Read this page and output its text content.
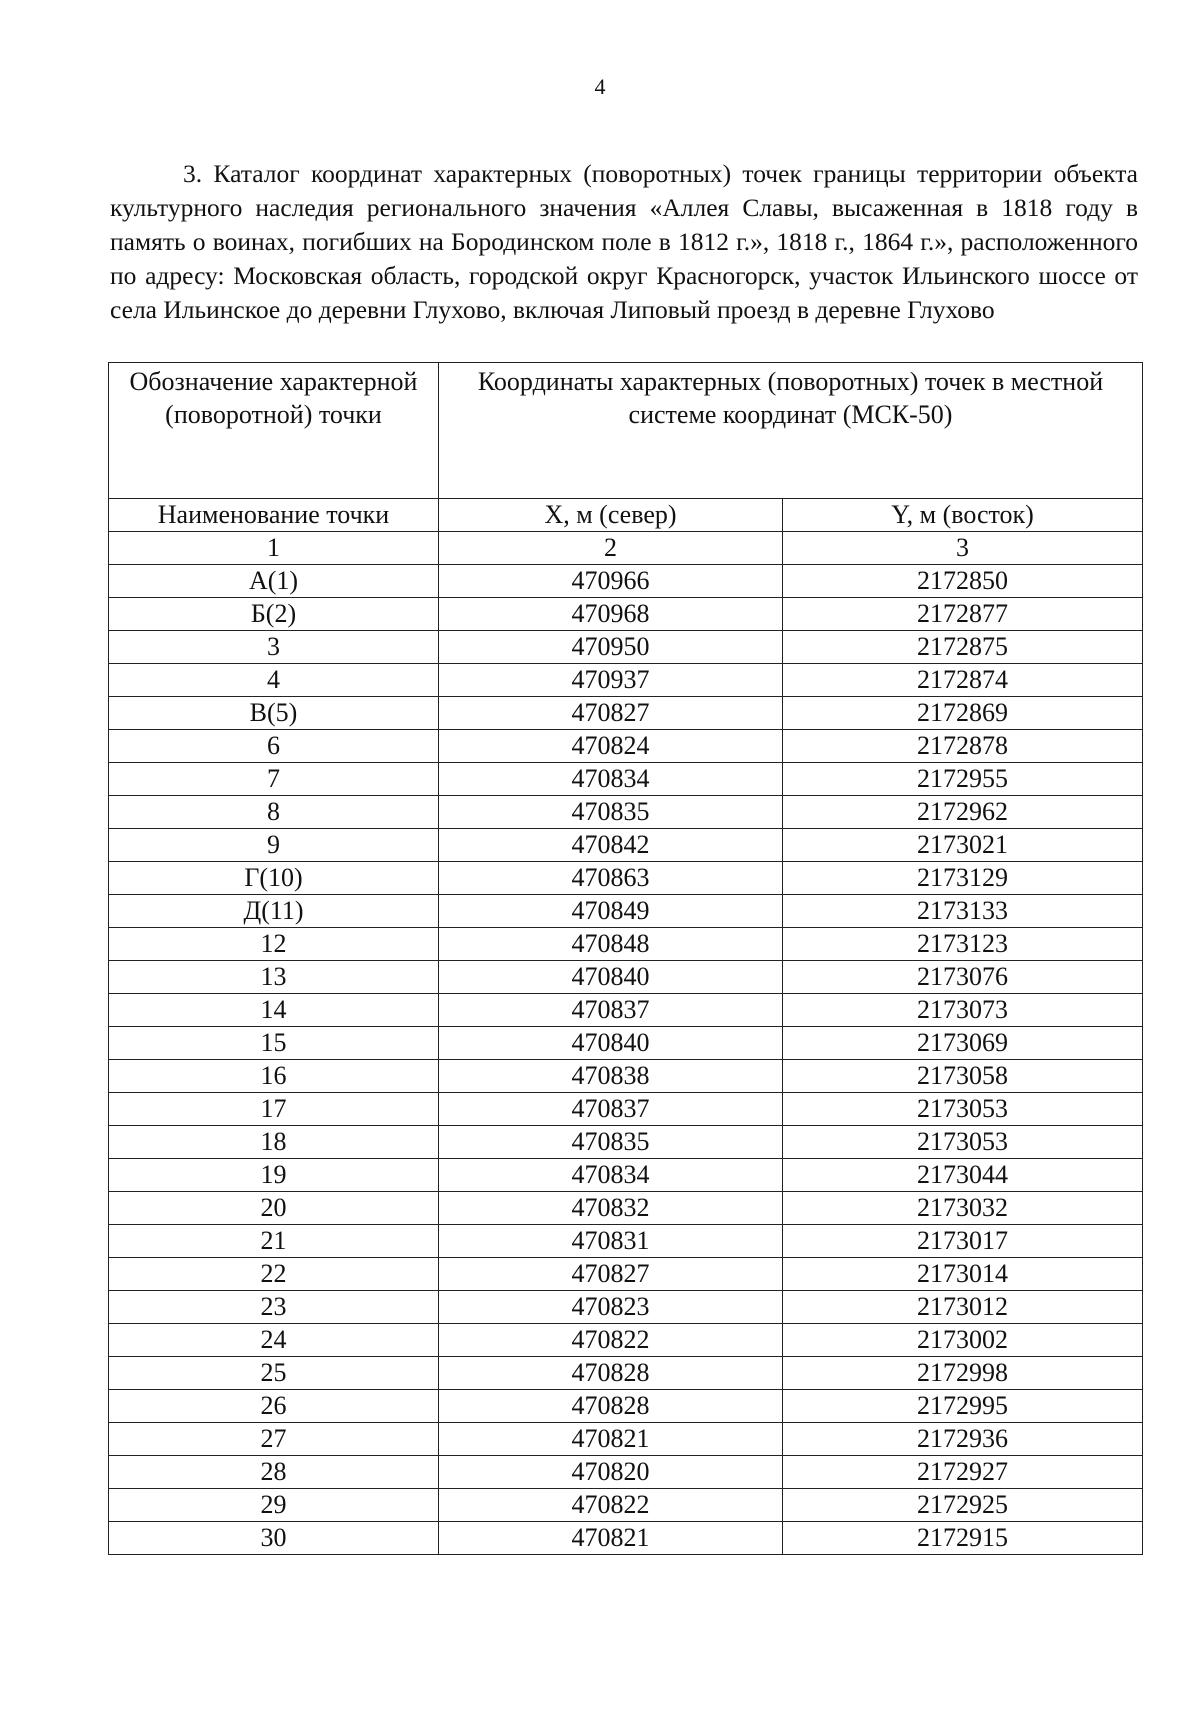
4

3. Каталог координат характерных (поворотных) точек границы территории объекта культурного наследия регионального значения «Аллея Славы, высаженная в 1818 году в память о воинах, погибших на Бородинском поле в 1812 г.», 1818 г., 1864 г.», расположенного по адресу: Московская область, городской округ Красногорск, участок Ильинского шоссе от села Ильинское до деревни Глухово, включая Липовый проезд в деревне Глухово

Обозначение характерной (поворотной) точки	Координаты характерных (поворотных) точек в местной системе координат (МСК-50)	
Наименование точки	X, м (север)	Y, м (восток)
1	2	3
А(1)	470966	2172850
Б(2)	470968	2172877
3	470950	2172875
4	470937	2172874
В(5)	470827	2172869
6	470824	2172878
7	470834	2172955
8	470835	2172962
9	470842	2173021
Г(10)	470863	2173129
Д(11)	470849	2173133
12	470848	2173123
13	470840	2173076
14	470837	2173073
15	470840	2173069
16	470838	2173058
17	470837	2173053
18	470835	2173053
19	470834	2173044
20	470832	2173032
21	470831	2173017
22	470827	2173014
23	470823	2173012
24	470822	2173002
25	470828	2172998
26	470828	2172995
27	470821	2172936
28	470820	2172927
29	470822	2172925
30	470821	2172915
